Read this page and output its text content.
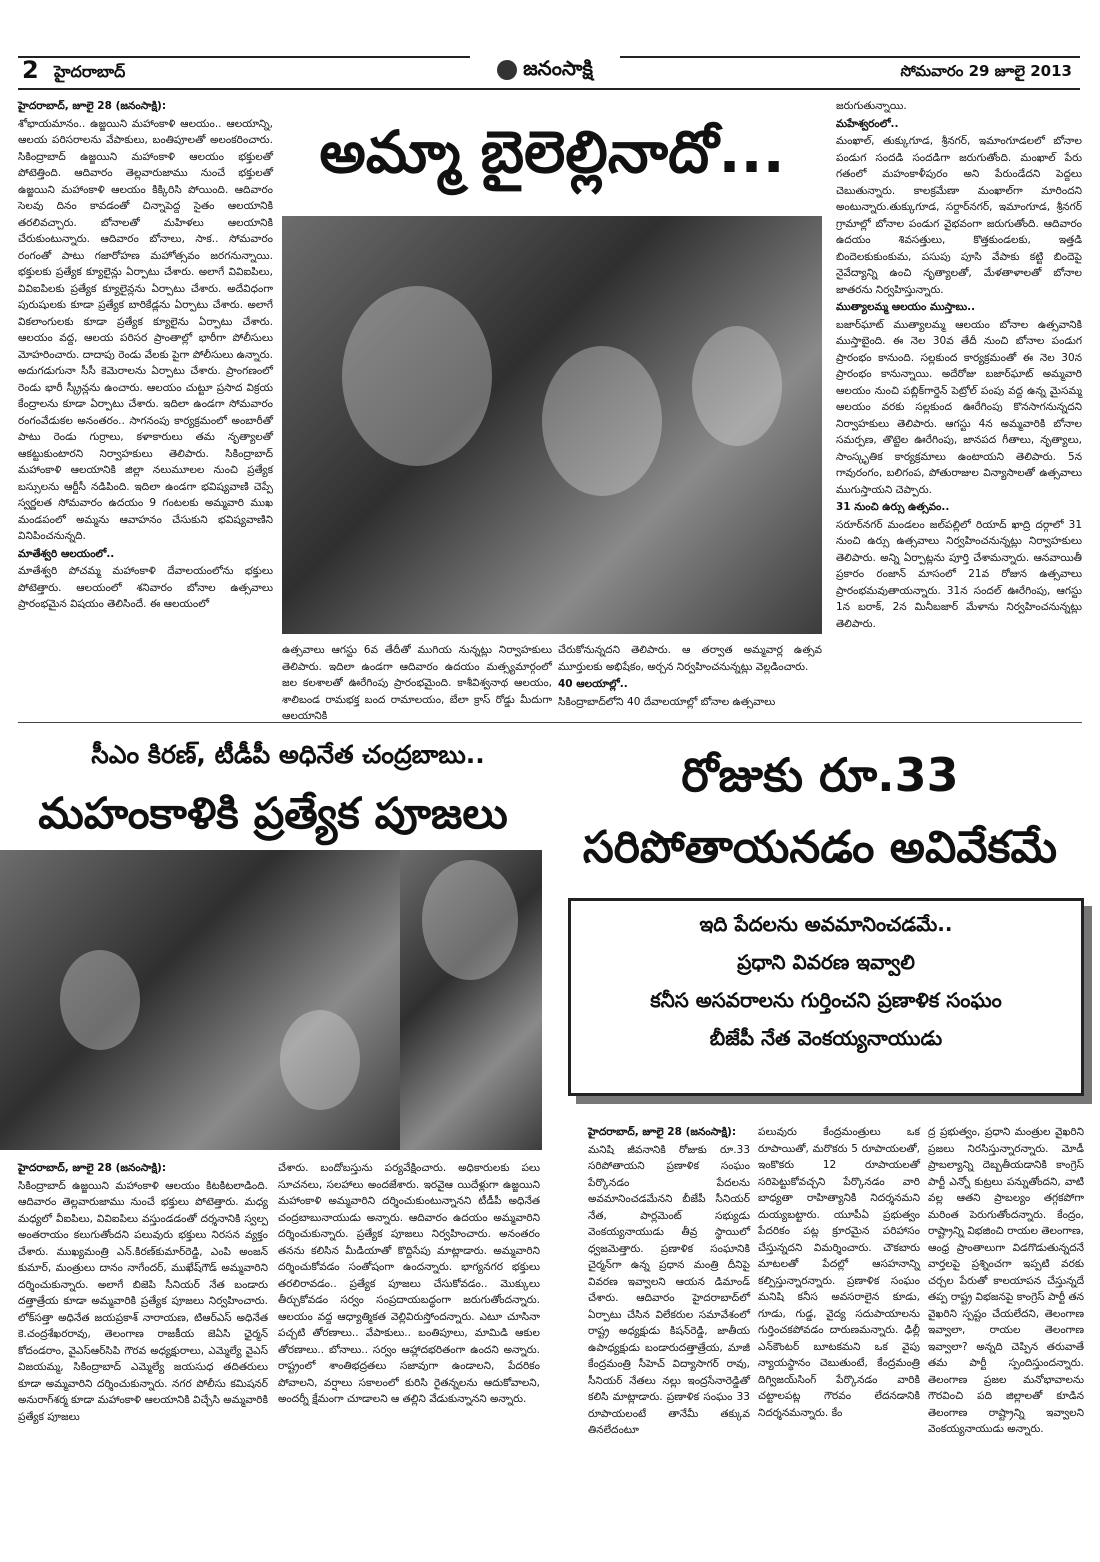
2 హైదరాబాద్	జనంసాక్షి	సోమవారం 29 జూలై 2013

హైదరాబాద్, జూలై 28 (జనంసాక్షి):

శోభాయమానం.. ఉజ్జయిని మహాంకాళి ఆలయం.. ఆలయాన్ని, ఆలయ పరిసరాలను వేపాకులు, బంతిపూలతో అలంకరించారు. సికింద్రాబాద్ ఉజ్జయిని మహాంకాళి ఆలయం భక్తులతో పోటెత్తింది. ఆదివారం తెల్లవారుజాము నుంచే భక్తులతో ఉజ్జయిని మహాంకాళి ఆలయం కిక్కిరిసి పోయింది. ఆదివారం సెలవు దినం కావడంతో చిన్నాపెద్ద సైతం ఆలయానికి తరలివచ్చారు. బోనాలతో మహిళలు ఆలయానికి చేరుకుంటున్నారు. ఆదివారం బోనాలు, సాక.. సోమవారం రంగంతో పాటు గజారోహణ మహోత్సవం జరగనున్నాయి. భక్తులకు ప్రత్యేక క్యూలైన్లు ఏర్పాటు చేశారు. అలాగే వివిఐపిలు, వివిఐపిలకు ప్రత్యేక క్యూలైన్లను ఏర్పాటు చేశారు. అదేవిధంగా పురుషులకు కూడా ప్రత్యేక బారికేడ్లను ఏర్పాటు చేశారు. అలాగే వికలాంగులకు కూడా ప్రత్యేక క్యూలైను ఏర్పాటు చేశారు. ఆలయం వద్ద, ఆలయ పరిసర ప్రాంతాల్లో భారీగా పోలీసులు మోహరించారు. దాదాపు రెండు వేలకు పైగా పోలీసులు ఉన్నారు. అదుగడుగునా సీసీ కెమెరాలను ఏర్పాటు చేశారు. ప్రాంగణంలో రెండు భారీ స్క్రీన్లను ఉంచారు. ఆలయం చుట్టూ ప్రసాద విక్రయ కేంద్రాలను కూడా ఏర్పాటు చేశారు. ఇదిలా ఉండగా సోమవారం రంగంవేడుకల అనంతరం.. సాగనంపు కార్యక్రమంలో అంబారీతో పాటు రెండు గుర్రాలు, కళాకారులు తమ నృత్యాలతో ఆకట్టుకుంటారని నిర్వాహకులు తెలిపారు. సికింద్రాబాద్ మహాంకాళి ఆలయానికి జిల్లా నలుమూలల నుంచి ప్రత్యేక బస్సులను ఆర్టీసీ నడిపింది. ఇదిలా ఉండగా భవిష్యవాణి చెప్పే స్వర్ణలత సోమవారం ఉదయం 9 గంటలకు అమ్మవారి ముఖ మండపంలో అమ్మను ఆవాహనం చేసుకుని భవిష్యవాణిని వినిపించనున్నది.

మాతేశ్వరి ఆలయంలో..

మాతేశ్వరి పోచమ్మ మహాంకాళి దేవాలయంలోను భక్తులు పోటెత్తారు. ఆలయంలో శనివారం బోనాల ఉత్సవాలు ప్రారంభమైన విషయం తెలిసిందే. ఈ ఆలయంలో

అమ్మా బైలెల్లినాదో...

ఉత్సవాలు ఆగస్టు 6వ తేదీతో ముగియ నున్నట్లు నిర్వాహకులు తెలిపారు. ఇదిలా ఉండగా ఆదివారం ఉదయం మత్స్యమార్గంలో జల కలశాలతో ఊరేగింపు ప్రారంభమైంది. కాశీవిశ్వనాథ ఆలయం, శాలిబండ రామభక్త బంద రామాలయం, బేలా క్రాస్ రోడ్డు మీదుగా ఆలయానికి

చేరుకోనున్నదని తెలిపారు. ఆ తర్వాత అమ్మవార్ల ఉత్సవ మూర్తులకు అభిషేకం, అర్చన నిర్వహించనున్నట్లు వెల్లడించారు.

40 ఆలయాల్లో..

సికింద్రాబాద్‌లోని 40 దేవాలయాల్లో బోనాల ఉత్సవాలు

జరుగుతున్నాయి.

మహేశ్వరంలో..

మంఖాల్, తుక్కుగూడ, శ్రీనగర్, ఇమాంగూడలలో బోనాల పండుగ సందడి సందడిగా జరుగుతోంది. మంఖాల్ పేరు గతంలో మహంకాళీపురం అని పేరుండేదని పెద్దలు చెబుతున్నారు. కాలక్రమేణా మంఖాల్‌గా మారిందని అంటున్నారు.తుక్కుగూడ, సర్దార్‌నగర్, ఇమాంగూడ, శ్రీనగర్ గ్రామాల్లో బోనాల పండుగ వైభవంగా జరుగుతోంది. ఆదివారం ఉదయం శివసత్తులు, కొత్తకుండలకు, ఇత్తడి బిందెలకుకుంకుమ, పసుపు పూసి వేపాకు కట్టి బిందెపై నైవేద్యాన్ని ఉంచి నృత్యాలతో, మేళతాళాలతో బోనాల జాతరను నిర్వహిస్తున్నారు.

ముత్యాలమ్మ ఆలయం ముస్తాబు..

బజార్‌ఘాట్ ముత్యాలమ్మ ఆలయం బోనాల ఉత్సవానికి ముస్తాబైంది. ఈ నెల 30వ తేదీ నుంచి బోనాల పండుగ ప్రారంభం కానుంది. సల్లకుంద కార్యక్రమంతో ఈ నెల 30న ప్రారంభం కానున్నాయి. అదేరోజు బజార్‌ఘాట్ అమ్మవారి ఆలయం నుంచి పబ్లిక్‌గార్డెన్ పెట్రోల్ పంపు వద్ద ఉన్న మైసమ్మ ఆలయం వరకు సల్లకుంద ఊరేగింపు కొనసాగనున్నదని నిర్వాహకులు తెలిపారు. ఆగస్టు 4న అమ్మవారికి బోనాల సమర్పణ, తొట్టెల ఊరేగింపు, జానపద గీతాలు, నృత్యాలు, సాంస్కృతిక కార్యక్రమాలు ఉంటాయని తెలిపారు. 5న గావురంగం, బలిగంప, పోతురాజుల విన్యాసాలతో ఉత్సవాలు ముగుస్తాయని చెప్పారు.

31 నుంచి ఉర్సు ఉత్సవం..

సరూర్‌నగర్ మండలం జల్‌పల్లిలో రియాద్ ఖాద్రి దర్గాలో 31 నుంచి ఉర్సు ఉత్సవాలు నిర్వహించనున్నట్లు నిర్వాహకులు తెలిపారు. అన్ని ఏర్పాట్లను పూర్తి చేశామన్నారు. ఆనవాయితీ ప్రకారం రంజాన్ మాసంలో 21వ రోజున ఉత్సవాలు ప్రారంభమవుతాయన్నారు. 31న సందల్ ఊరేగింపు, ఆగస్టు 1న బరాక్, 2న మినీబజార్ మేళాను నిర్వహించనున్నట్లు తెలిపారు.

సీఎం కిరణ్, టీడీపీ అధినేత చంద్రబాబు..
మహంకాళికి ప్రత్యేక పూజలు

హైదరాబాద్, జూలై 28 (జనంసాక్షి):

సికింద్రాబాద్ ఉజ్జయిని మహాంకాళి ఆలయం కిటకిటలాడింది. ఆదివారం తెల్లవారుజాము నుంచే భక్తులు పోటెత్తారు. మధ్య మధ్యలో వీఐపిలు, వివిఐపిలు వస్తుండడంతో దర్శనానికి స్వల్ప అంతరాయం కలుగుతోందని పలువురు భక్తులు నిరసన వ్యక్తం చేశారు. ముఖ్యమంత్రి ఎన్.కిరణ్‌కుమార్‌రెడ్డి, ఎంపి అంజన్ కుమార్, మంత్రులు దానం నాగేందర్, ముఖేష్‌గౌడ్ అమ్మవారిని దర్శించుకున్నారు. అలాగే బిజెపి సీనియర్ నేత బండారు దత్తాత్రేయ కూడా అమ్మవారికి ప్రత్యేక పూజలు నిర్వహించారు. లోక్‌సత్తా అధినేత జయప్రకాశ్ నారాయణ, టిఆర్ఎస్ అధినేత కె.చంద్రశేఖరరావు, తెలంగాణ రాజకీయ జెఏసి ఛైర్మన్ కోదండరాం, వైఎస్ఆర్‌సిపి గౌరవ అధ్యక్షురాలు, ఎమ్మెల్యే వైఎస్ విజయమ్మ, సికింద్రాబాద్ ఎమ్మెల్యే జయసుధ తదితరులు కూడా అమ్మవారిని దర్శించుకున్నారు. నగర పోలీసు కమిషనర్ అనురాగ్‌శర్మ కూడా మహాంకాళి ఆలయానికి విచ్చేసి అమ్మవారికి ప్రత్యేక పూజలు

చేశారు. బందోబస్తును పర్యవేక్షించారు. అధికారులకు పలు సూచనలు, సలహాలు అందజేశారు. ఇరవైఆ యిదేళ్లుగా ఉజ్జయిని మహాంకాళి అమ్మవారిని దర్శించుకుంటున్నానని టీడీపీ అధినేత చంద్రబాబునాయుడు అన్నారు. ఆదివారం ఉదయం అమ్మవారిని దర్శించుకున్నారు. ప్రత్యేక పూజలు నిర్వహించారు. అనంతరం తనను కలిసిన మీడియాతో కొద్దిసేపు మాట్లాడారు. అమ్మవారిని దర్శించుకోవడం సంతోషంగా ఉందన్నారు. భాగ్యనగర భక్తులు తరలిరావడం.. ప్రత్యేక పూజలు చేసుకోవడం.. మొక్కులు తీర్చుకోవడం సర్వం సంప్రదాయబద్ధంగా జరుగుతోందన్నారు. ఆలయం వద్ద ఆధ్యాత్మికత వెల్లివిరుస్తోందన్నారు. ఎటూ చూసినా పచ్చటి తోరణాలు.. వేపాకులు.. బంతిపూలు, మామిడి ఆకుల తోరణాలు.. బోనాలు.. సర్వం ఆహ్లాదభరితంగా ఉందని అన్నారు. రాష్ట్రంలో శాంతిభద్రతలు సజావుగా ఉండాలని, పేదరికం పోవాలని, వర్షాలు సకాలంలో కురిసి రైతన్నలను ఆదుకోవాలని, అందర్నీ క్షేమంగా చూడాలని ఆ తల్లిని వేడుకున్నానని అన్నారు.

రోజుకు రూ.33
సరిపోతాయనడం అవివేకమే
ఇది పేదలను అవమానించడమే..
ప్రధాని వివరణ ఇవ్వాలి
కనీస అసవరాలను గుర్తించని ప్రణాళిక సంఘం
బీజేపీ నేత వెంకయ్యనాయుడు

హైదరాబాద్, జూలై 28 (జనంసాక్షి):

మనిషి జీవనానికి రోజుకు రూ.33 సరిపోతాయని ప్రణాళిక సంఘం పేర్కొనడం పేదలను అవమానించడమేనని బీజేపీ సీనియర్ నేత, పార్లమెంట్ సభ్యుడు వెంకయ్యనాయుడు తీవ్ర స్థాయిలో ధ్వజమెత్తారు. ప్రణాళిక సంఘానికి చైర్మన్‌గా ఉన్న ప్రధాన మంత్రి దీనిపై వివరణ ఇవ్వాలని ఆయన డిమాండ్ చేశారు. ఆదివారం హైదరాబాద్‌లో ఏర్పాటు చేసిన విలేకరుల సమావేశంలో రాష్ట్ర అధ్యక్షుడు కిషన్‌రెడ్డి, జాతీయ ఉపాధ్యక్షుడు బండారుదత్తాత్రేయ, మాజీ కేంద్రమంత్రి సీహెచ్ విద్యాసాగర్ రావు, సీనియర్ నేతలు నల్లు ఇంద్రసేనారెడ్డితో కలిసి మాట్లాడారు. ప్రణాళిక సంఘం 33 రూపాయలంటే తానేమీ తక్కువ తినలేదంటూ

పలువురు కేంద్రమంత్రులు ఒక రూపాయితో, మరొకరు 5 రూపాయలతో, ఇంకొకరు 12 రూపాయలతో సరిపెట్టుకోవచ్చని పేర్కొనడం వారి బాధ్యతా రాహిత్యానికి నిదర్శనమని దుయ్యబట్టారు. యూపీఏ ప్రభుత్వం పేదరికం పట్ల క్రూరమైన పరిహాసం చేస్తున్నదని విమర్శించారు. చౌకబారు మాటలతో పేదల్లో ఆసహనాన్ని కల్పిస్తున్నారన్నారు. ప్రణాళిక సంఘం మనిషి కనీస అవసరాలైన కూడు, గూడు, గుడ్డ, వైద్య సదుపాయాలను గుర్తించకపోవడం దారుణమన్నారు. ఢిల్లీ ఎన్‌కౌంటర్ బూటకమని ఒక వైపు న్యాయస్థానం చెబుతుంటే, కేంద్రమంత్రి దిగ్విజయ్‌సింగ్ పేర్కొనడం వారికి చట్టాలపట్ల గౌరవం లేదనడానికి నిదర్శనమన్నారు. కేం

ద్ర ప్రభుత్వం, ప్రధాని మంత్రుల వైఖరిని ప్రజలు నిరసిస్తున్నారన్నారు. మోడీ ప్రాబల్యాన్ని దెబ్బతీయడానికి కాంగ్రెస్ పార్టీ ఎన్నో కుట్రలు పన్నుతోందని, వాటి వల్ల ఆతని ప్రాబల్యం తగ్గకపోగా మరింత పెరుగుతోందన్నారు. కేంద్రం, రాష్ట్రాన్ని విభజించి రాయల తెలంగాణ, ఆంధ్ర ప్రాంతాలుగా విడగొడుతున్నదనే వార్తలపై ప్రశ్నించగా ఇప్పటి వరకు చర్చల పేరుతో కాలయాపన చేస్తున్నదే తప్ప రాష్ట్ర విభజనపై కాంగ్రెస్ పార్టీ తన వైఖరిని స్పష్టం చేయలేదని, తెలంగాణ ఇవ్వాలా, రాయల తెలంగాణ ఇవ్వాలా? అన్నది చెప్పిన తరువాతే తమ పార్టీ స్పందిస్తుందన్నారు. తెలంగాణ ప్రజల మనోభావాలను గౌరవించి పది జిల్లాలతో కూడిన తెలంగాణ రాష్ట్రాన్ని ఇవ్వాలని వెంకయ్యనాయుడు అన్నారు.
